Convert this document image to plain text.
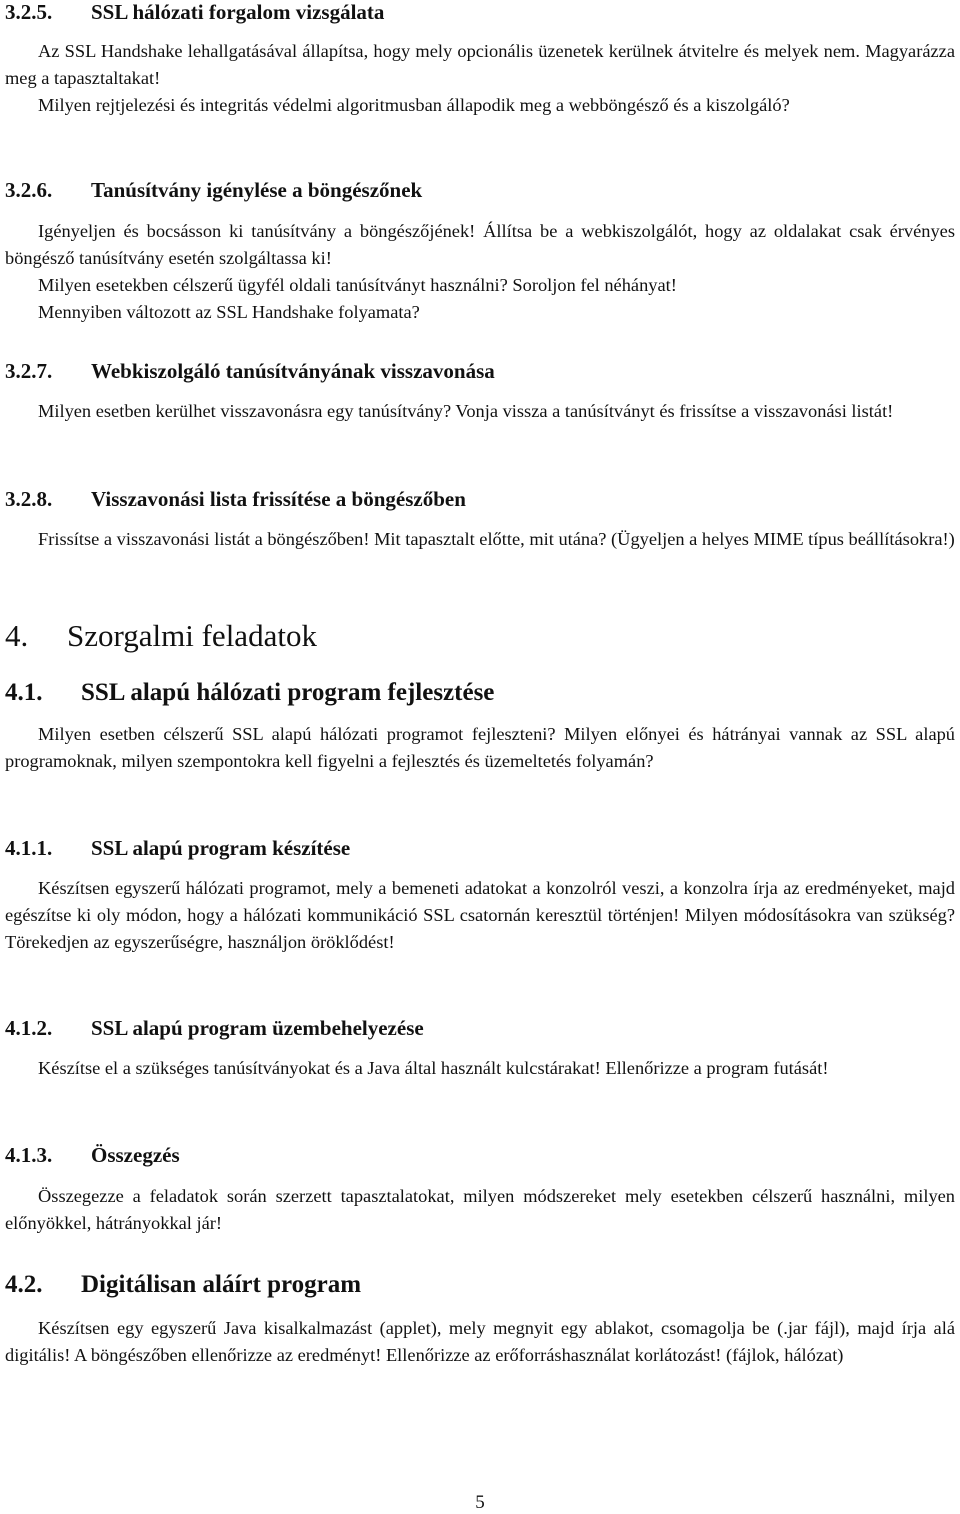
3.2.5. SSL hálózati forgalom vizsgálata
Az SSL Handshake lehallgatásával állapítsa, hogy mely opcionális üzenetek kerülnek átvitelre és melyek nem. Magyarázza meg a tapasztaltakat!
Milyen rejtjelezési és integritás védelmi algoritmusban állapodik meg a webböngésző és a kiszolgáló?
3.2.6. Tanúsítvány igénylése a böngészőnek
Igényeljen és bocsásson ki tanúsítvány a böngészőjének! Állítsa be a webkiszolgálót, hogy az oldalakat csak érvényes böngésző tanúsítvány esetén szolgáltassa ki!
Milyen esetekben célszerű ügyfél oldali tanúsítványt használni? Soroljon fel néhányat!
Mennyiben változott az SSL Handshake folyamata?
3.2.7. Webkiszolgáló tanúsítványának visszavonása
Milyen esetben kerülhet visszavonásra egy tanúsítvány? Vonja vissza a tanúsítványt és frissítse a visszavonási listát!
3.2.8. Visszavonási lista frissítése a böngészőben
Frissítse a visszavonási listát a böngészőben! Mit tapasztalt előtte, mit utána? (Ügyeljen a helyes MIME típus beállításokra!)
4. Szorgalmi feladatok
4.1. SSL alapú hálózati program fejlesztése
Milyen esetben célszerű SSL alapú hálózati programot fejleszteni? Milyen előnyei és hátrányai vannak az SSL alapú programoknak, milyen szempontokra kell figyelni a fejlesztés és üzemeltetés folyamán?
4.1.1. SSL alapú program készítése
Készítsen egyszerű hálózati programot, mely a bemeneti adatokat a konzolról veszi, a konzolra írja az eredményeket, majd egészítse ki oly módon, hogy a hálózati kommunikáció SSL csatornán keresztül történjen! Milyen módosításokra van szükség? Törekedjen az egyszerűségre, használjon öröklődést!
4.1.2. SSL alapú program üzembehelyezése
Készítse el a szükséges tanúsítványokat és a Java által használt kulcstárakat! Ellenőrizze a program futását!
4.1.3. Összegzés
Összegezze a feladatok során szerzett tapasztalatokat, milyen módszereket mely esetekben célszerű használni, milyen előnyökkel, hátrányokkal jár!
4.2. Digitálisan aláírt program
Készítsen egy egyszerű Java kisalkalmazást (applet), mely megnyit egy ablakot, csomagolja be (.jar fájl), majd írja alá digitális! A böngészőben ellenőrizze az eredményt! Ellenőrizze az erőforráshasználat korlátozást! (fájlok, hálózat)
5
